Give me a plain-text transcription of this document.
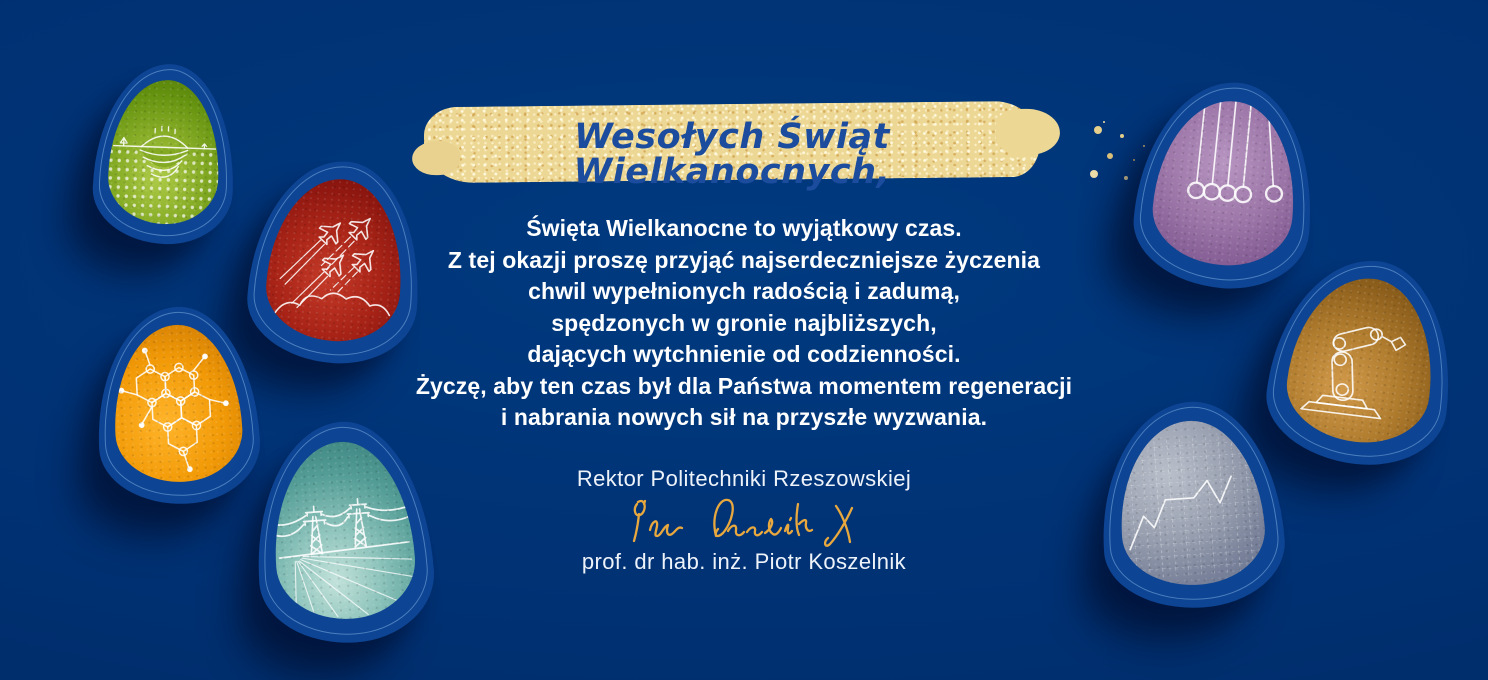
Wesołych Świąt Wielkanocnych,
Święta Wielkanocne to wyjątkowy czas.
Z tej okazji proszę przyjąć najserdeczniejsze życzenia
chwil wypełnionych radością i zadumą,
spędzonych w gronie najbliższych,
dających wytchnienie od codzienności.
Życzę, aby ten czas był dla Państwa momentem regeneracji
i nabrania nowych sił na przyszłe wyzwania.
Rektor Politechniki Rzeszowskiej
prof. dr hab. inż. Piotr Koszelnik
